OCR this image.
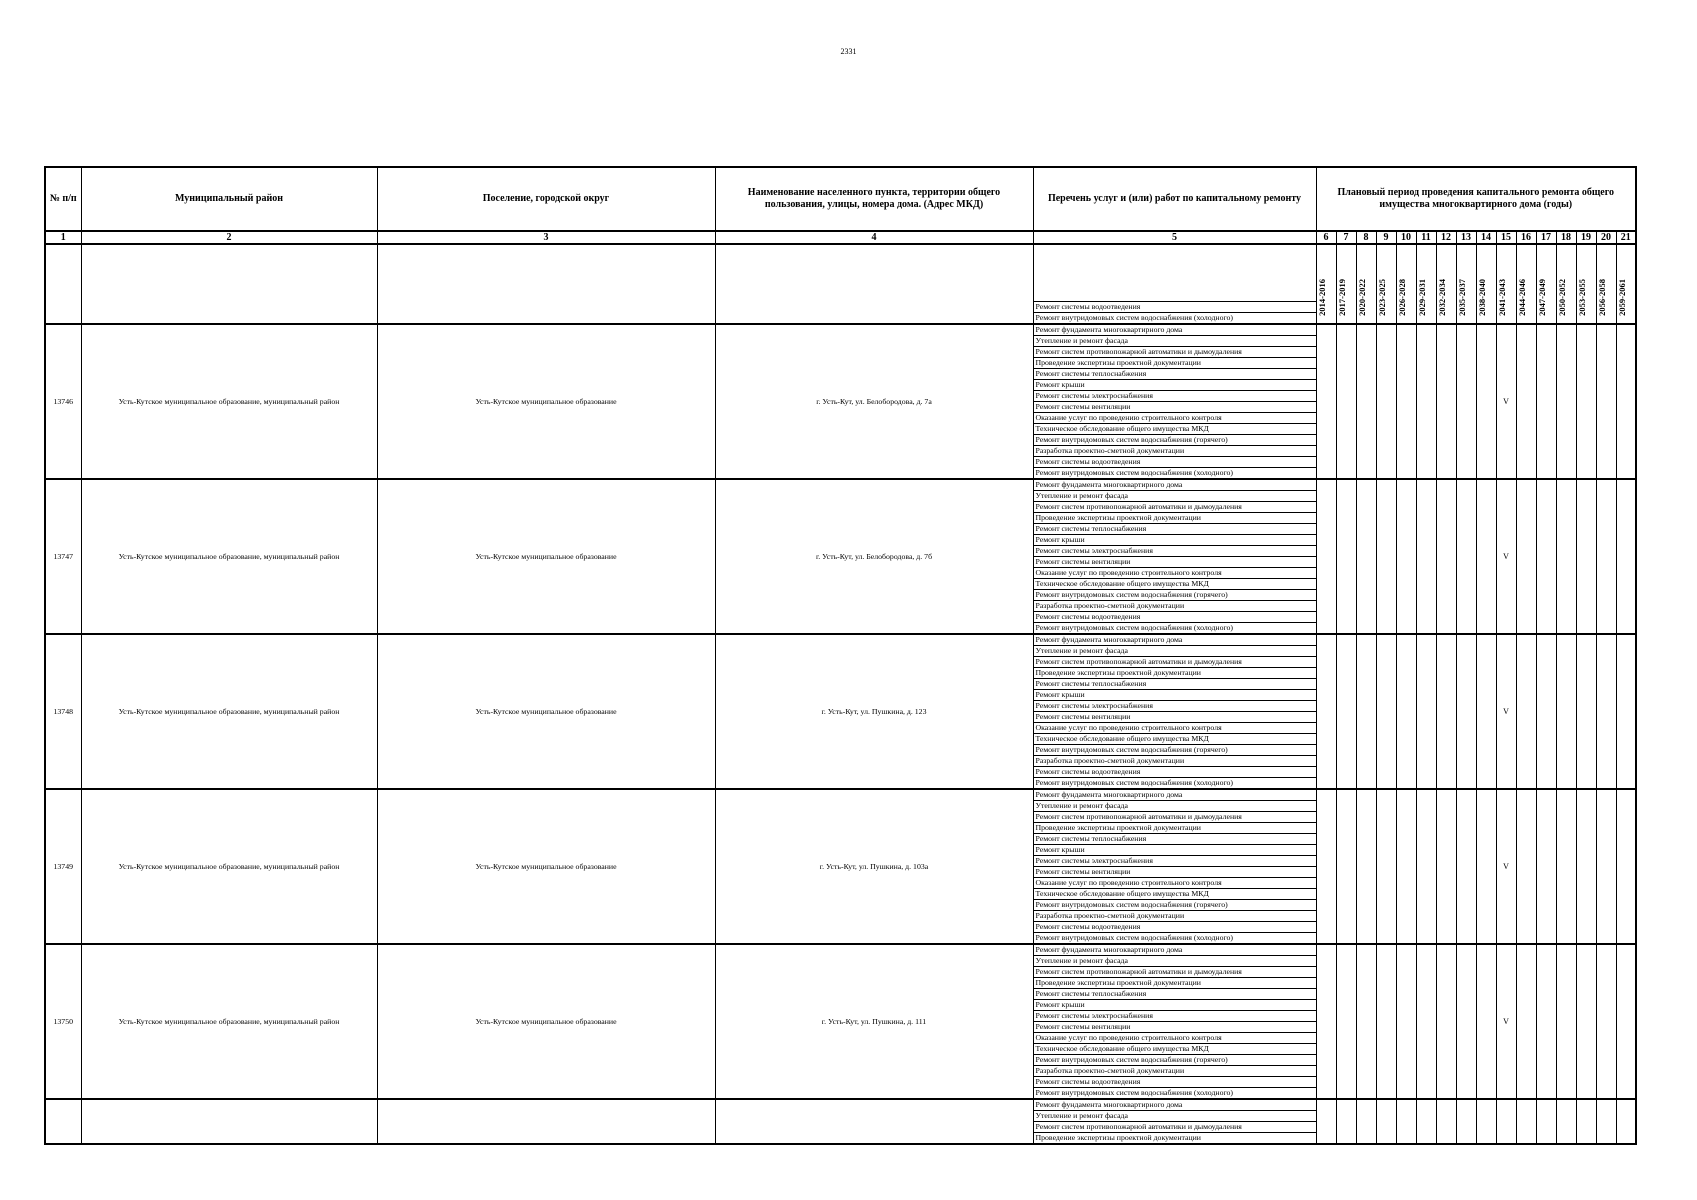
2331
№ п/п	Муниципальный район	Поселение, городской округ	Наименование населенного пункта, территории общего пользования, улицы, номера дома. (Адрес МКД)	Перечень услуг и (или) работ по капитальному ремонту	Плановый период проведения капитального ремонта общего имущества многоквартирного дома (годы)															
1	2	3	4	5	6	7	8	9	10	11	12	13	14	15	16	17	18	19	20	21
					2014-2016	2017-2019	2020-2022	2023-2025	2026-2028	2029-2031	2032-2034	2035-2037	2038-2040	2041-2043	2044-2046	2047-2049	2050-2052	2053-2055	2056-2058	2059-2061
				Ремонт системы водоотведения																
				Ремонт внутридомовых систем водоснабжения (холодного)																
13746	Усть-Кутское муниципальное образование, муниципальный район	Усть-Кутское муниципальное образование	г. Усть-Кут, ул. Белобородова, д. 7а	Ремонт фундамента многоквартирного дома										V						
				Утепление и ремонт фасада																
				Ремонт систем противопожарной автоматики и дымоудаления																
				Проведение экспертизы проектной документации																
				Ремонт системы теплоснабжения																
				Ремонт крыши																
				Ремонт системы электроснабжения																
				Ремонт системы вентиляции																
				Оказание услуг по проведению строительного контроля																
				Техническое обследование общего имущества МКД																
				Ремонт внутридомовых систем водоснабжения (горячего)																
				Разработка проектно-сметной документации																
				Ремонт системы водоотведения																
				Ремонт внутридомовых систем водоснабжения (холодного)																
13747	Усть-Кутское муниципальное образование, муниципальный район	Усть-Кутское муниципальное образование	г. Усть-Кут, ул. Белобородова, д. 7б	Ремонт фундамента многоквартирного дома										V						
				Утепление и ремонт фасада																
				Ремонт систем противопожарной автоматики и дымоудаления																
				Проведение экспертизы проектной документации																
				Ремонт системы теплоснабжения																
				Ремонт крыши																
				Ремонт системы электроснабжения																
				Ремонт системы вентиляции																
				Оказание услуг по проведению строительного контроля																
				Техническое обследование общего имущества МКД																
				Ремонт внутридомовых систем водоснабжения (горячего)																
				Разработка проектно-сметной документации																
				Ремонт системы водоотведения																
				Ремонт внутридомовых систем водоснабжения (холодного)																
13748	Усть-Кутское муниципальное образование, муниципальный район	Усть-Кутское муниципальное образование	г. Усть-Кут, ул. Пушкина, д. 123	Ремонт фундамента многоквартирного дома										V						
				Утепление и ремонт фасада																
				Ремонт систем противопожарной автоматики и дымоудаления																
				Проведение экспертизы проектной документации																
				Ремонт системы теплоснабжения																
				Ремонт крыши																
				Ремонт системы электроснабжения																
				Ремонт системы вентиляции																
				Оказание услуг по проведению строительного контроля																
				Техническое обследование общего имущества МКД																
				Ремонт внутридомовых систем водоснабжения (горячего)																
				Разработка проектно-сметной документации																
				Ремонт системы водоотведения																
				Ремонт внутридомовых систем водоснабжения (холодного)																
13749	Усть-Кутское муниципальное образование, муниципальный район	Усть-Кутское муниципальное образование	г. Усть-Кут, ул. Пушкина, д. 103а	Ремонт фундамента многоквартирного дома										V						
				Утепление и ремонт фасада																
				Ремонт систем противопожарной автоматики и дымоудаления																
				Проведение экспертизы проектной документации																
				Ремонт системы теплоснабжения																
				Ремонт крыши																
				Ремонт системы электроснабжения																
				Ремонт системы вентиляции																
				Оказание услуг по проведению строительного контроля																
				Техническое обследование общего имущества МКД																
				Ремонт внутридомовых систем водоснабжения (горячего)																
				Разработка проектно-сметной документации																
				Ремонт системы водоотведения																
				Ремонт внутридомовых систем водоснабжения (холодного)																
13750	Усть-Кутское муниципальное образование, муниципальный район	Усть-Кутское муниципальное образование	г. Усть-Кут, ул. Пушкина, д. 111	Ремонт фундамента многоквартирного дома										V						
				Утепление и ремонт фасада																
				Ремонт систем противопожарной автоматики и дымоудаления																
				Проведение экспертизы проектной документации																
				Ремонт системы теплоснабжения																
				Ремонт крыши																
				Ремонт системы электроснабжения																
				Ремонт системы вентиляции																
				Оказание услуг по проведению строительного контроля																
				Техническое обследование общего имущества МКД																
				Ремонт внутридомовых систем водоснабжения (горячего)																
				Разработка проектно-сметной документации																
				Ремонт системы водоотведения																
				Ремонт внутридомовых систем водоснабжения (холодного)																
				Ремонт фундамента многоквартирного дома																
				Утепление и ремонт фасада																
				Ремонт систем противопожарной автоматики и дымоудаления																
				Проведение экспертизы проектной документации																
